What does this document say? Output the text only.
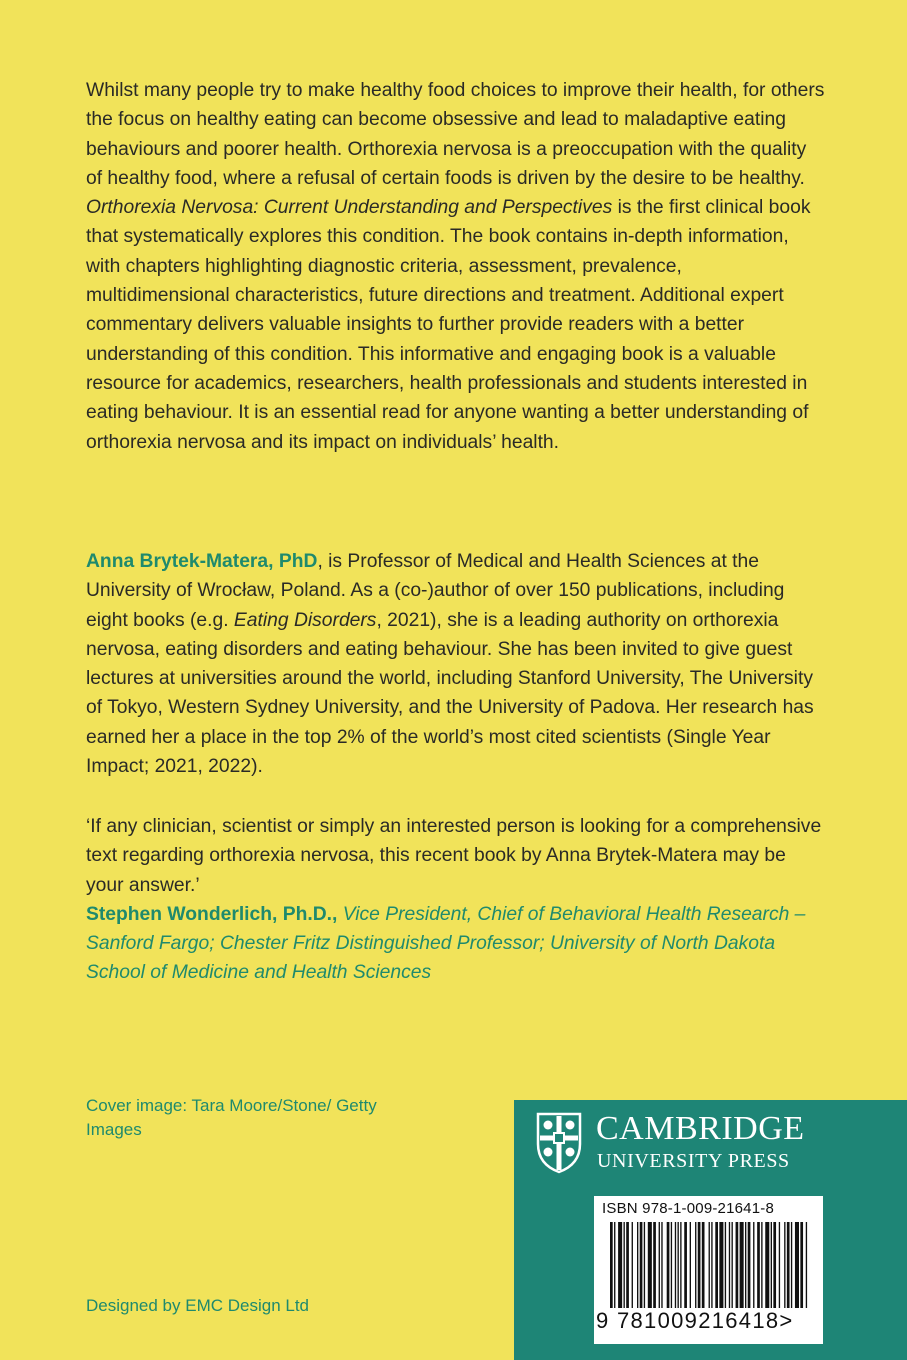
Whilst many people try to make healthy food choices to improve their health, for others the focus on healthy eating can become obsessive and lead to maladaptive eating behaviours and poorer health. Orthorexia nervosa is a preoccupation with the quality of healthy food, where a refusal of certain foods is driven by the desire to be healthy. Orthorexia Nervosa: Current Understanding and Perspectives is the first clinical book that systematically explores this condition. The book contains in-depth information, with chapters highlighting diagnostic criteria, assessment, prevalence, multidimensional characteristics, future directions and treatment. Additional expert commentary delivers valuable insights to further provide readers with a better understanding of this condition. This informative and engaging book is a valuable resource for academics, researchers, health professionals and students interested in eating behaviour. It is an essential read for anyone wanting a better understanding of orthorexia nervosa and its impact on individuals’ health.

Anna Brytek-Matera, PhD, is Professor of Medical and Health Sciences at the University of Wrocław, Poland. As a (co-)author of over 150 publications, including eight books (e.g. Eating Disorders, 2021), she is a leading authority on orthorexia nervosa, eating disorders and eating behaviour. She has been invited to give guest lectures at universities around the world, including Stanford University, The University of Tokyo, Western Sydney University, and the University of Padova. Her research has earned her a place in the top 2% of the world’s most cited scientists (Single Year Impact; 2021, 2022).

‘If any clinician, scientist or simply an interested person is looking for a comprehensive text regarding orthorexia nervosa, this recent book by Anna Brytek-Matera may be your answer.’
Stephen Wonderlich, Ph.D., Vice President, Chief of Behavioral Health Research – Sanford Fargo; Chester Fritz Distinguished Professor; University of North Dakota School of Medicine and Health Sciences
Cover image: Tara Moore/Stone/ Getty Images
Designed by EMC Design Ltd
CAMBRIDGE
UNIVERSITY PRESS
ISBN 978-1-009-21641-8
9 781009216418>
